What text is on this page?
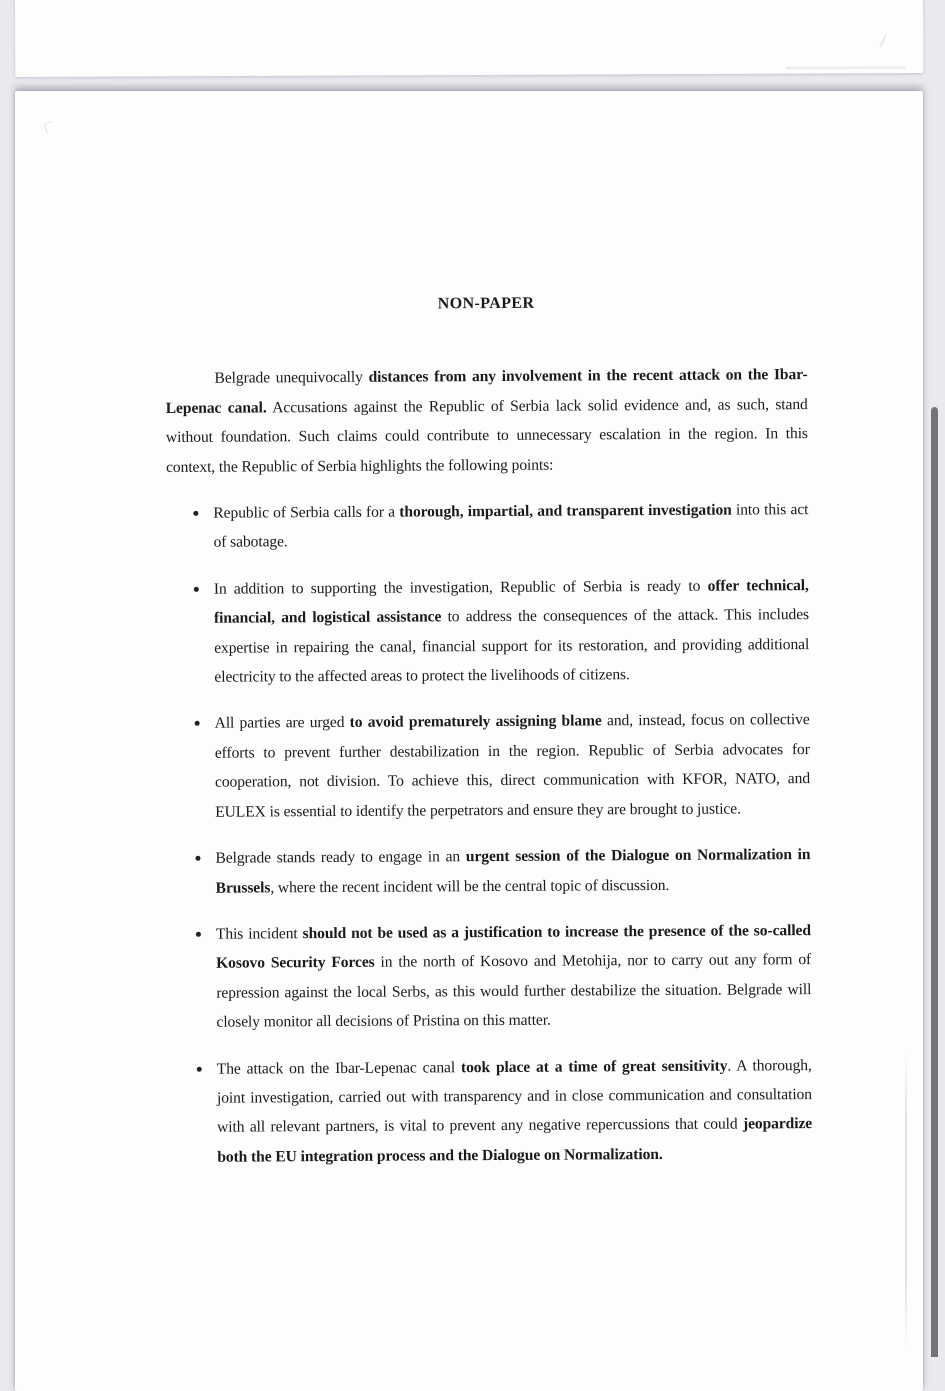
NON-PAPER

Belgrade unequivocally distances from any involvement in the recent attack on the Ibar-Lepenac canal. Accusations against the Republic of Serbia lack solid evidence and, as such, stand without foundation. Such claims could contribute to unnecessary escalation in the region. In this context, the Republic of Serbia highlights the following points:

Republic of Serbia calls for a thorough, impartial, and transparent investigation into this act of sabotage.
In addition to supporting the investigation, Republic of Serbia is ready to offer technical, financial, and logistical assistance to address the consequences of the attack. This includes expertise in repairing the canal, financial support for its restoration, and providing additional electricity to the affected areas to protect the livelihoods of citizens.
All parties are urged to avoid prematurely assigning blame and, instead, focus on collective efforts to prevent further destabilization in the region. Republic of Serbia advocates for cooperation, not division. To achieve this, direct communication with KFOR, NATO, and EULEX is essential to identify the perpetrators and ensure they are brought to justice.
Belgrade stands ready to engage in an urgent session of the Dialogue on Normalization in Brussels, where the recent incident will be the central topic of discussion.
This incident should not be used as a justification to increase the presence of the so-called Kosovo Security Forces in the north of Kosovo and Metohija, nor to carry out any form of repression against the local Serbs, as this would further destabilize the situation. Belgrade will closely monitor all decisions of Pristina on this matter.
The attack on the Ibar-Lepenac canal took place at a time of great sensitivity. A thorough, joint investigation, carried out with transparency and in close communication and consultation with all relevant partners, is vital to prevent any negative repercussions that could jeopardize both the EU integration process and the Dialogue on Normalization.
